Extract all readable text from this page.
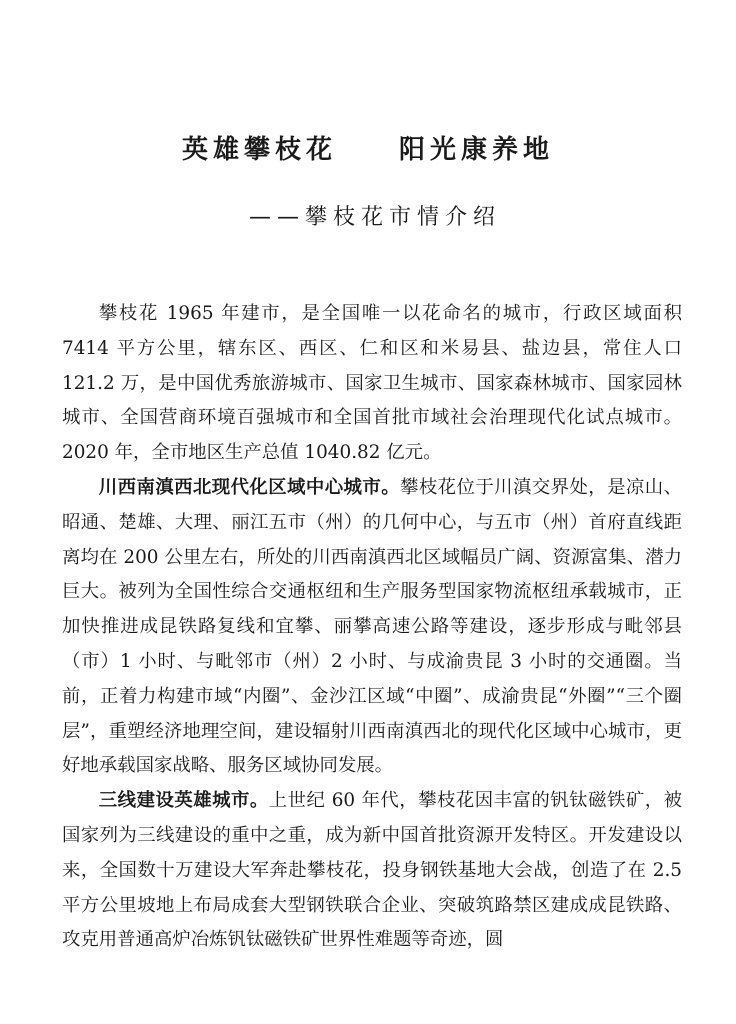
英雄攀枝花　　阳光康养地
——攀枝花市情介绍

攀枝花 1965 年建市，是全国唯一以花命名的城市，行政区域面积7414 平方公里，辖东区、西区、仁和区和米易县、盐边县，常住人口121.2 万，是中国优秀旅游城市、国家卫生城市、国家森林城市、国家园林城市、全国营商环境百强城市和全国首批市域社会治理现代化试点城市。2020 年，全市地区生产总值 1040.82 亿元。

川西南滇西北现代化区域中心城市。攀枝花位于川滇交界处，是凉山、昭通、楚雄、大理、丽江五市（州）的几何中心，与五市（州）首府直线距离均在 200 公里左右，所处的川西南滇西北区域幅员广阔、资源富集、潜力巨大。被列为全国性综合交通枢纽和生产服务型国家物流枢纽承载城市，正加快推进成昆铁路复线和宜攀、丽攀高速公路等建设，逐步形成与毗邻县（市）1 小时、与毗邻市（州）2 小时、与成渝贵昆 3 小时的交通圈。当前，正着力构建市域“内圈”、金沙江区域“中圈”、成渝贵昆“外圈”“三个圈层”，重塑经济地理空间，建设辐射川西南滇西北的现代化区域中心城市，更好地承载国家战略、服务区域协同发展。

三线建设英雄城市。上世纪 60 年代，攀枝花因丰富的钒钛磁铁矿，被国家列为三线建设的重中之重，成为新中国首批资源开发特区。开发建设以来，全国数十万建设大军奔赴攀枝花，投身钢铁基地大会战，创造了在 2.5 平方公里坡地上布局成套大型钢铁联合企业、突破筑路禁区建成成昆铁路、攻克用普通高炉冶炼钒钛磁铁矿世界性难题等奇迹，圆
